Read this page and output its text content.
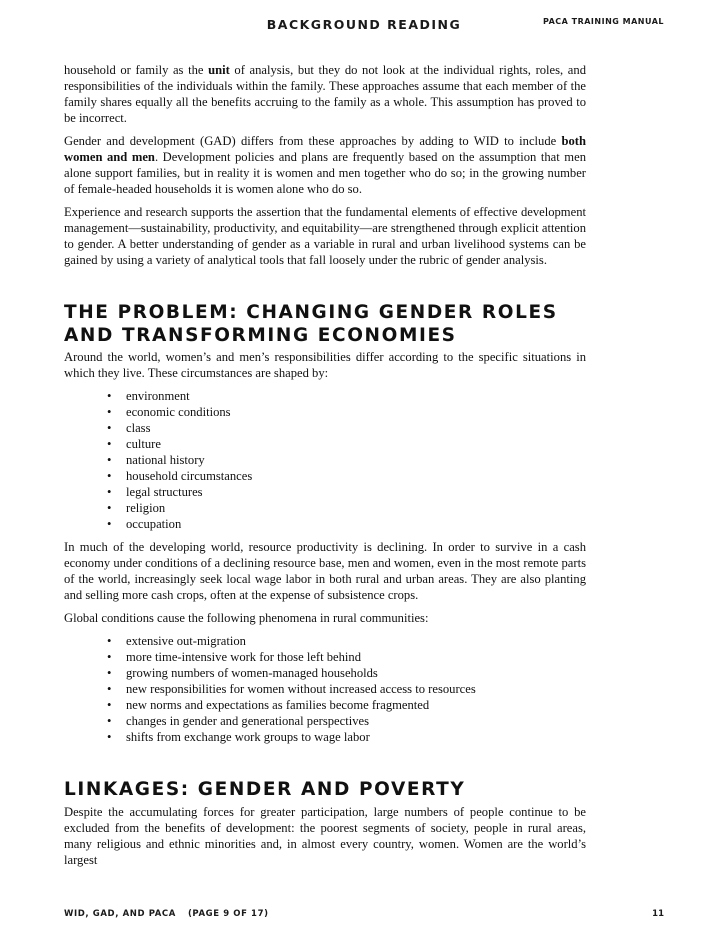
BACKGROUND READING	PACA TRAINING MANUAL

household or family as the unit of analysis, but they do not look at the individual rights, roles, and responsibilities of the individuals within the family. These approaches assume that each member of the family shares equally all the benefits accruing to the family as a whole. This assumption has proved to be incorrect.

Gender and development (GAD) differs from these approaches by adding to WID to include both women and men. Development policies and plans are frequently based on the assumption that men alone support families, but in reality it is women and men together who do so; in the growing number of female-headed households it is women alone who do so.

Experience and research supports the assertion that the fundamental elements of effective development management—sustainability, productivity, and equitability—are strengthened through explicit attention to gender. A better understanding of gender as a variable in rural and urban livelihood systems can be gained by using a variety of analytical tools that fall loosely under the rubric of gender analysis.

THE PROBLEM: CHANGING GENDER ROLES
AND TRANSFORMING ECONOMIES

Around the world, women’s and men’s responsibilities differ according to the specific situations in which they live. These circumstances are shaped by:

• environment
• economic conditions
• class
• culture
• national history
• household circumstances
• legal structures
• religion
• occupation

In much of the developing world, resource productivity is declining. In order to survive in a cash economy under conditions of a declining resource base, men and women, even in the most remote parts of the world, increasingly seek local wage labor in both rural and urban areas. They are also planting and selling more cash crops, often at the expense of subsistence crops.

Global conditions cause the following phenomena in rural communities:

• extensive out-migration
• more time-intensive work for those left behind
• growing numbers of women-managed households
• new responsibilities for women without increased access to resources
• new norms and expectations as families become fragmented
• changes in gender and generational perspectives
• shifts from exchange work groups to wage labor
LINKAGES: GENDER AND POVERTY

Despite the accumulating forces for greater participation, large numbers of people continue to be excluded from the benefits of development: the poorest segments of society, people in rural areas, many religious and ethnic minorities and, in almost every country, women. Women are the world’s largest

WID, GAD, AND PACA (PAGE 9 OF 17)	11
